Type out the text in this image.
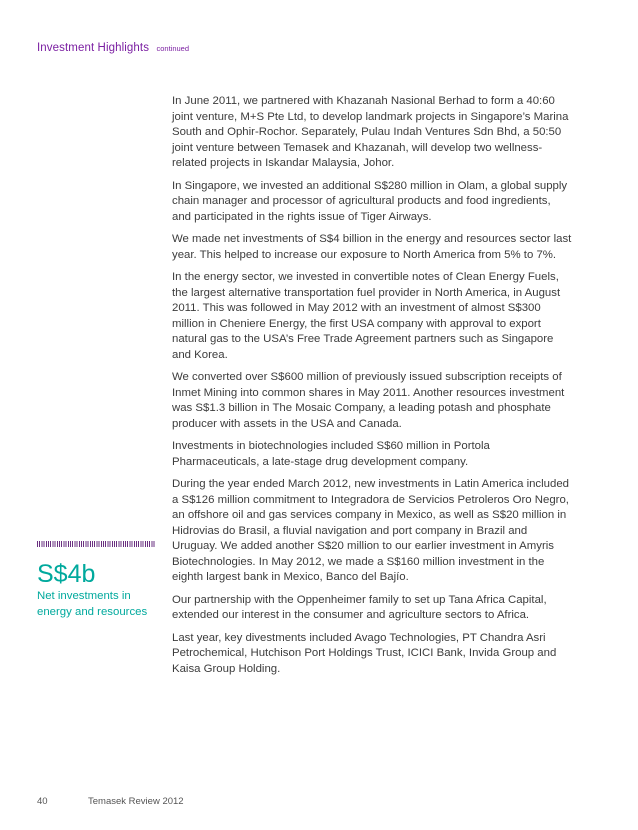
Investment Highlights continued

In June 2011, we partnered with Khazanah Nasional Berhad to form a 40:60 joint venture, M+S Pte Ltd, to develop landmark projects in Singapore’s Marina South and Ophir-Rochor. Separately, Pulau Indah Ventures Sdn Bhd, a 50:50 joint venture between Temasek and Khazanah, will develop two wellness-related projects in Iskandar Malaysia, Johor.

In Singapore, we invested an additional S$280 million in Olam, a global supply chain manager and processor of agricultural products and food ingredients, and participated in the rights issue of Tiger Airways.

We made net investments of S$4 billion in the energy and resources sector last year. This helped to increase our exposure to North America from 5% to 7%.

In the energy sector, we invested in convertible notes of Clean Energy Fuels, the largest alternative transportation fuel provider in North America, in August 2011. This was followed in May 2012 with an investment of almost S$300 million in Cheniere Energy, the first USA company with approval to export natural gas to the USA’s Free Trade Agreement partners such as Singapore and Korea.

We converted over S$600 million of previously issued subscription receipts of Inmet Mining into common shares in May 2011. Another resources investment was S$1.3 billion in The Mosaic Company, a leading potash and phosphate producer with assets in the USA and Canada.

Investments in biotechnologies included S$60 million in Portola Pharmaceuticals, a late-stage drug development company.

During the year ended March 2012, new investments in Latin America included a S$126 million commitment to Integradora de Servicios Petroleros Oro Negro, an offshore oil and gas services company in Mexico, as well as S$20 million in Hidrovias do Brasil, a fluvial navigation and port company in Brazil and Uruguay. We added another S$20 million to our earlier investment in Amyris Biotechnologies. In May 2012, we made a S$160 million investment in the eighth largest bank in Mexico, Banco del Bajío.

Our partnership with the Oppenheimer family to set up Tana Africa Capital, extended our interest in the consumer and agriculture sectors to Africa.

Last year, key divestments included Avago Technologies, PT Chandra Asri Petrochemical, Hutchison Port Holdings Trust, ICICI Bank, Invida Group and Kaisa Group Holding.

S$4b
Net investments in energy and resources
40	Temasek Review 2012
